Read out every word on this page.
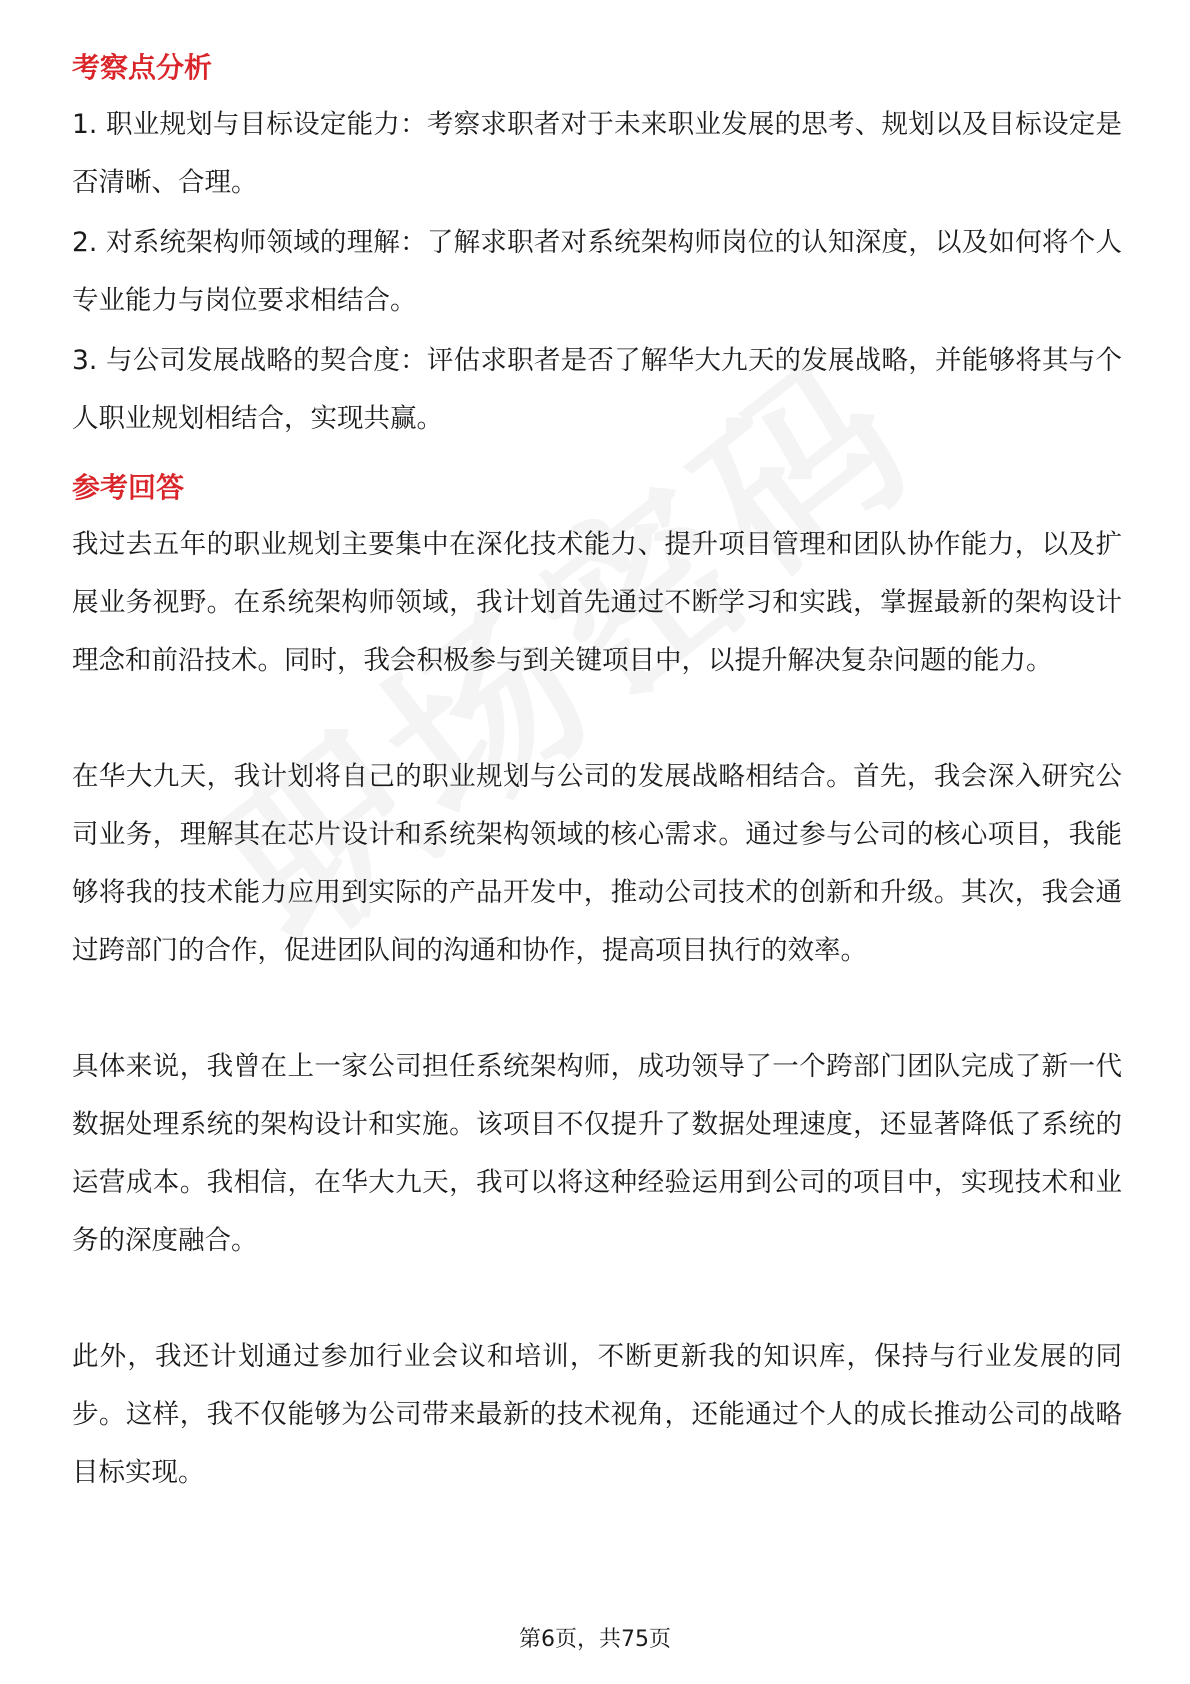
考察点分析

1. 职业规划与目标设定能力：考察求职者对于未来职业发展的思考、规划以及目标设定是否清晰、合理。

2. 对系统架构师领域的理解：了解求职者对系统架构师岗位的认知深度，以及如何将个人专业能力与岗位要求相结合。

3. 与公司发展战略的契合度：评估求职者是否了解华大九天的发展战略，并能够将其与个人职业规划相结合，实现共赢。

参考回答

我过去五年的职业规划主要集中在深化技术能力、提升项目管理和团队协作能力，以及扩展业务视野。在系统架构师领域，我计划首先通过不断学习和实践，掌握最新的架构设计理念和前沿技术。同时，我会积极参与到关键项目中，以提升解决复杂问题的能力。

在华大九天，我计划将自己的职业规划与公司的发展战略相结合。首先，我会深入研究公司业务，理解其在芯片设计和系统架构领域的核心需求。通过参与公司的核心项目，我能够将我的技术能力应用到实际的产品开发中，推动公司技术的创新和升级。其次，我会通过跨部门的合作，促进团队间的沟通和协作，提高项目执行的效率。

具体来说，我曾在上一家公司担任系统架构师，成功领导了一个跨部门团队完成了新一代数据处理系统的架构设计和实施。该项目不仅提升了数据处理速度，还显著降低了系统的运营成本。我相信，在华大九天，我可以将这种经验运用到公司的项目中，实现技术和业务的深度融合。

此外，我还计划通过参加行业会议和培训，不断更新我的知识库，保持与行业发展的同步。这样，我不仅能够为公司带来最新的技术视角，还能通过个人的成长推动公司的战略目标实现。

第6页，共75页
